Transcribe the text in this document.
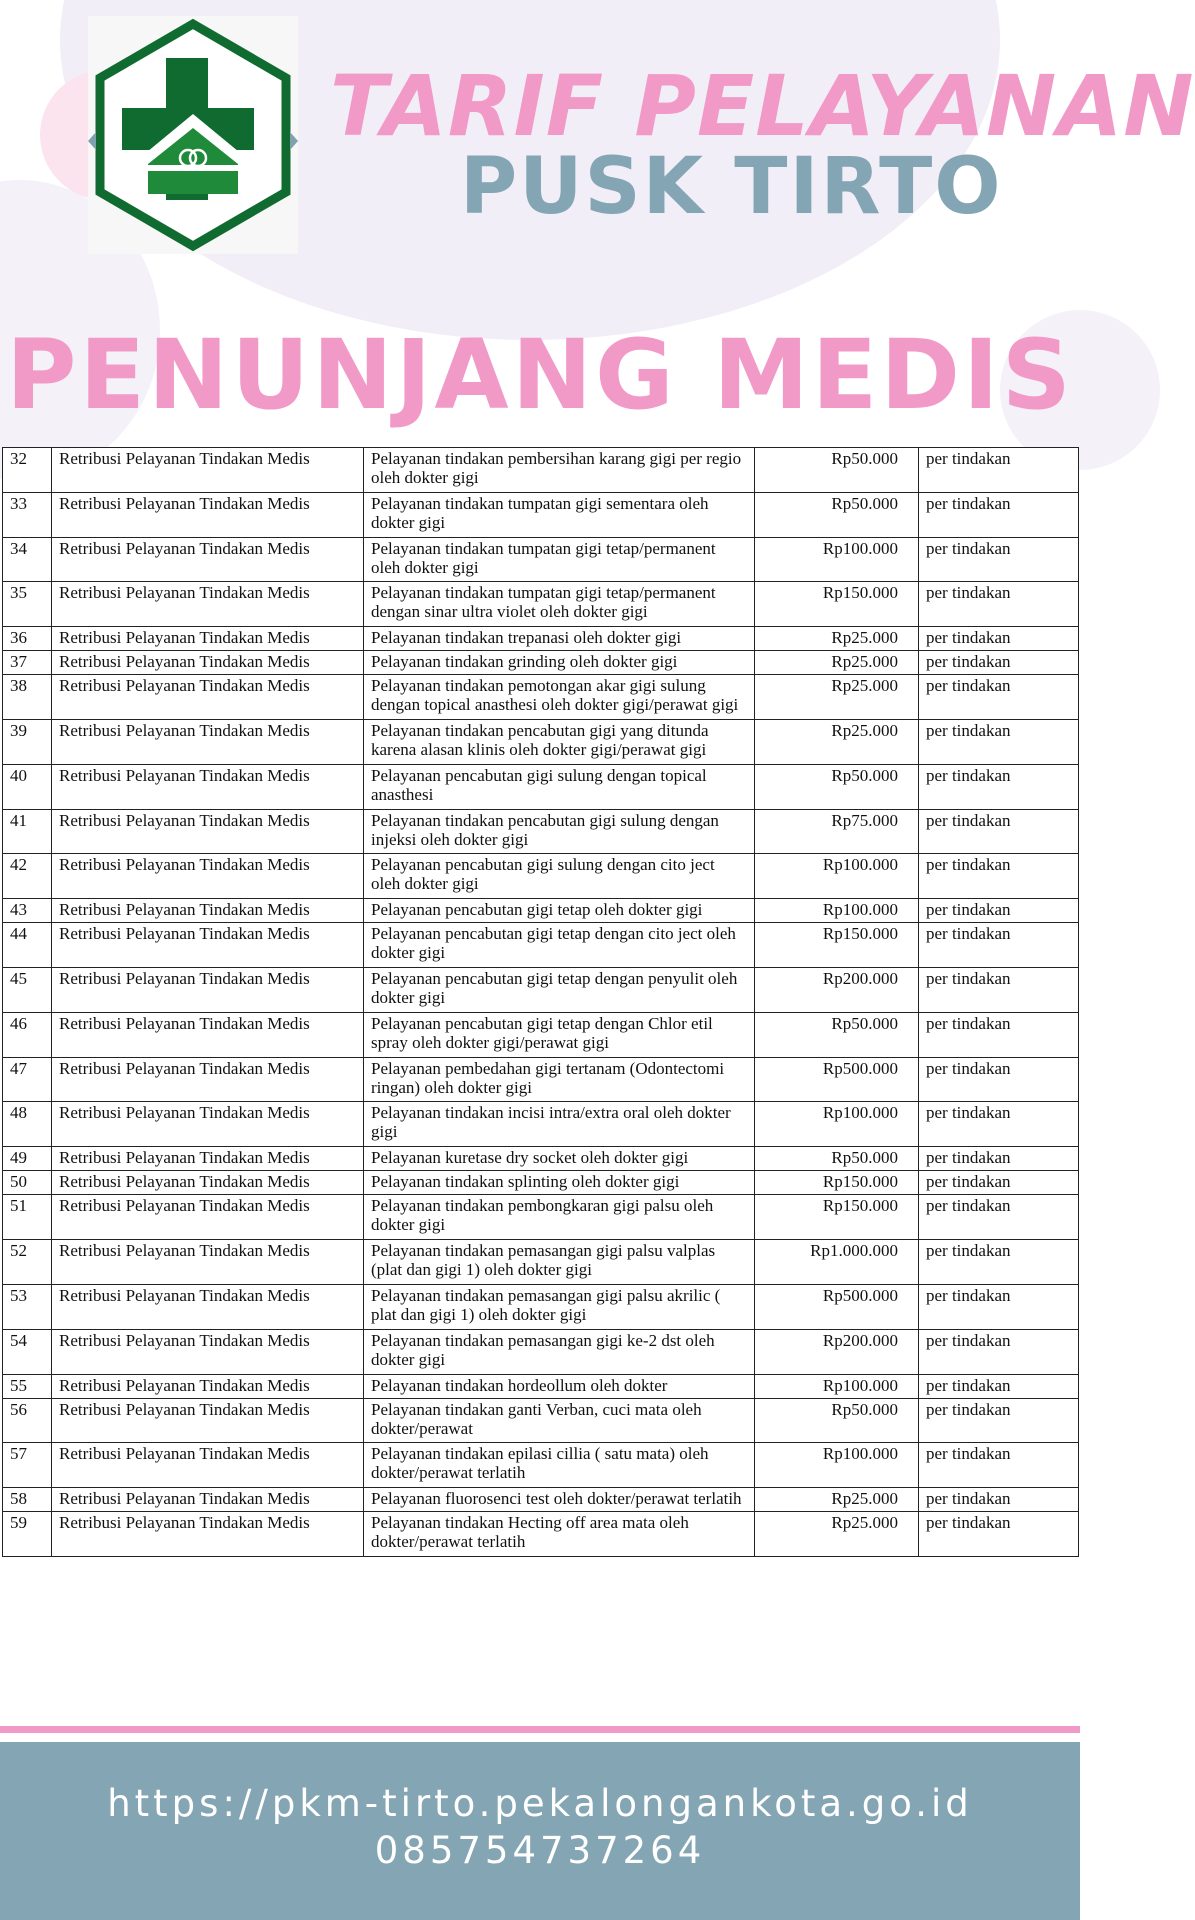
TARIF PELAYANAN
PUSK TIRTO
PENUNJANG MEDIS
32	Retribusi Pelayanan Tindakan Medis	Pelayanan tindakan pembersihan karang gigi per regio oleh dokter gigi	Rp50.000	per tindakan
33	Retribusi Pelayanan Tindakan Medis	Pelayanan tindakan tumpatan gigi sementara oleh dokter gigi	Rp50.000	per tindakan
34	Retribusi Pelayanan Tindakan Medis	Pelayanan tindakan tumpatan gigi tetap/permanent oleh dokter gigi	Rp100.000	per tindakan
35	Retribusi Pelayanan Tindakan Medis	Pelayanan tindakan tumpatan gigi tetap/permanent dengan sinar ultra violet oleh dokter gigi	Rp150.000	per tindakan
36	Retribusi Pelayanan Tindakan Medis	Pelayanan tindakan trepanasi oleh dokter gigi	Rp25.000	per tindakan
37	Retribusi Pelayanan Tindakan Medis	Pelayanan tindakan grinding oleh dokter gigi	Rp25.000	per tindakan
38	Retribusi Pelayanan Tindakan Medis	Pelayanan tindakan pemotongan akar gigi sulung dengan topical anasthesi oleh dokter gigi/perawat gigi	Rp25.000	per tindakan
39	Retribusi Pelayanan Tindakan Medis	Pelayanan tindakan pencabutan gigi yang ditunda karena alasan klinis oleh dokter gigi/perawat gigi	Rp25.000	per tindakan
40	Retribusi Pelayanan Tindakan Medis	Pelayanan pencabutan gigi sulung dengan topical anasthesi	Rp50.000	per tindakan
41	Retribusi Pelayanan Tindakan Medis	Pelayanan tindakan pencabutan gigi sulung dengan injeksi oleh dokter gigi	Rp75.000	per tindakan
42	Retribusi Pelayanan Tindakan Medis	Pelayanan pencabutan gigi sulung dengan cito ject oleh dokter gigi	Rp100.000	per tindakan
43	Retribusi Pelayanan Tindakan Medis	Pelayanan pencabutan gigi tetap oleh dokter gigi	Rp100.000	per tindakan
44	Retribusi Pelayanan Tindakan Medis	Pelayanan pencabutan gigi tetap dengan cito ject oleh dokter gigi	Rp150.000	per tindakan
45	Retribusi Pelayanan Tindakan Medis	Pelayanan pencabutan gigi tetap dengan penyulit oleh dokter gigi	Rp200.000	per tindakan
46	Retribusi Pelayanan Tindakan Medis	Pelayanan pencabutan gigi tetap dengan Chlor etil spray oleh dokter gigi/perawat gigi	Rp50.000	per tindakan
47	Retribusi Pelayanan Tindakan Medis	Pelayanan pembedahan gigi tertanam (Odontectomi ringan) oleh dokter gigi	Rp500.000	per tindakan
48	Retribusi Pelayanan Tindakan Medis	Pelayanan tindakan incisi intra/extra oral oleh dokter gigi	Rp100.000	per tindakan
49	Retribusi Pelayanan Tindakan Medis	Pelayanan kuretase dry socket oleh dokter gigi	Rp50.000	per tindakan
50	Retribusi Pelayanan Tindakan Medis	Pelayanan tindakan splinting oleh dokter gigi	Rp150.000	per tindakan
51	Retribusi Pelayanan Tindakan Medis	Pelayanan tindakan pembongkaran gigi palsu oleh dokter gigi	Rp150.000	per tindakan
52	Retribusi Pelayanan Tindakan Medis	Pelayanan tindakan pemasangan gigi palsu valplas (plat dan gigi 1) oleh dokter gigi	Rp1.000.000	per tindakan
53	Retribusi Pelayanan Tindakan Medis	Pelayanan tindakan pemasangan gigi palsu akrilic ( plat dan gigi 1) oleh dokter gigi	Rp500.000	per tindakan
54	Retribusi Pelayanan Tindakan Medis	Pelayanan tindakan pemasangan gigi ke-2 dst oleh dokter gigi	Rp200.000	per tindakan
55	Retribusi Pelayanan Tindakan Medis	Pelayanan tindakan hordeollum oleh dokter	Rp100.000	per tindakan
56	Retribusi Pelayanan Tindakan Medis	Pelayanan tindakan ganti Verban, cuci mata oleh dokter/perawat	Rp50.000	per tindakan
57	Retribusi Pelayanan Tindakan Medis	Pelayanan tindakan epilasi cillia ( satu mata) oleh dokter/perawat terlatih	Rp100.000	per tindakan
58	Retribusi Pelayanan Tindakan Medis	Pelayanan fluorosenci test oleh dokter/perawat terlatih	Rp25.000	per tindakan
59	Retribusi Pelayanan Tindakan Medis	Pelayanan tindakan Hecting off area mata oleh dokter/perawat terlatih	Rp25.000	per tindakan
https://pkm-tirto.pekalongankota.go.id
085754737264
